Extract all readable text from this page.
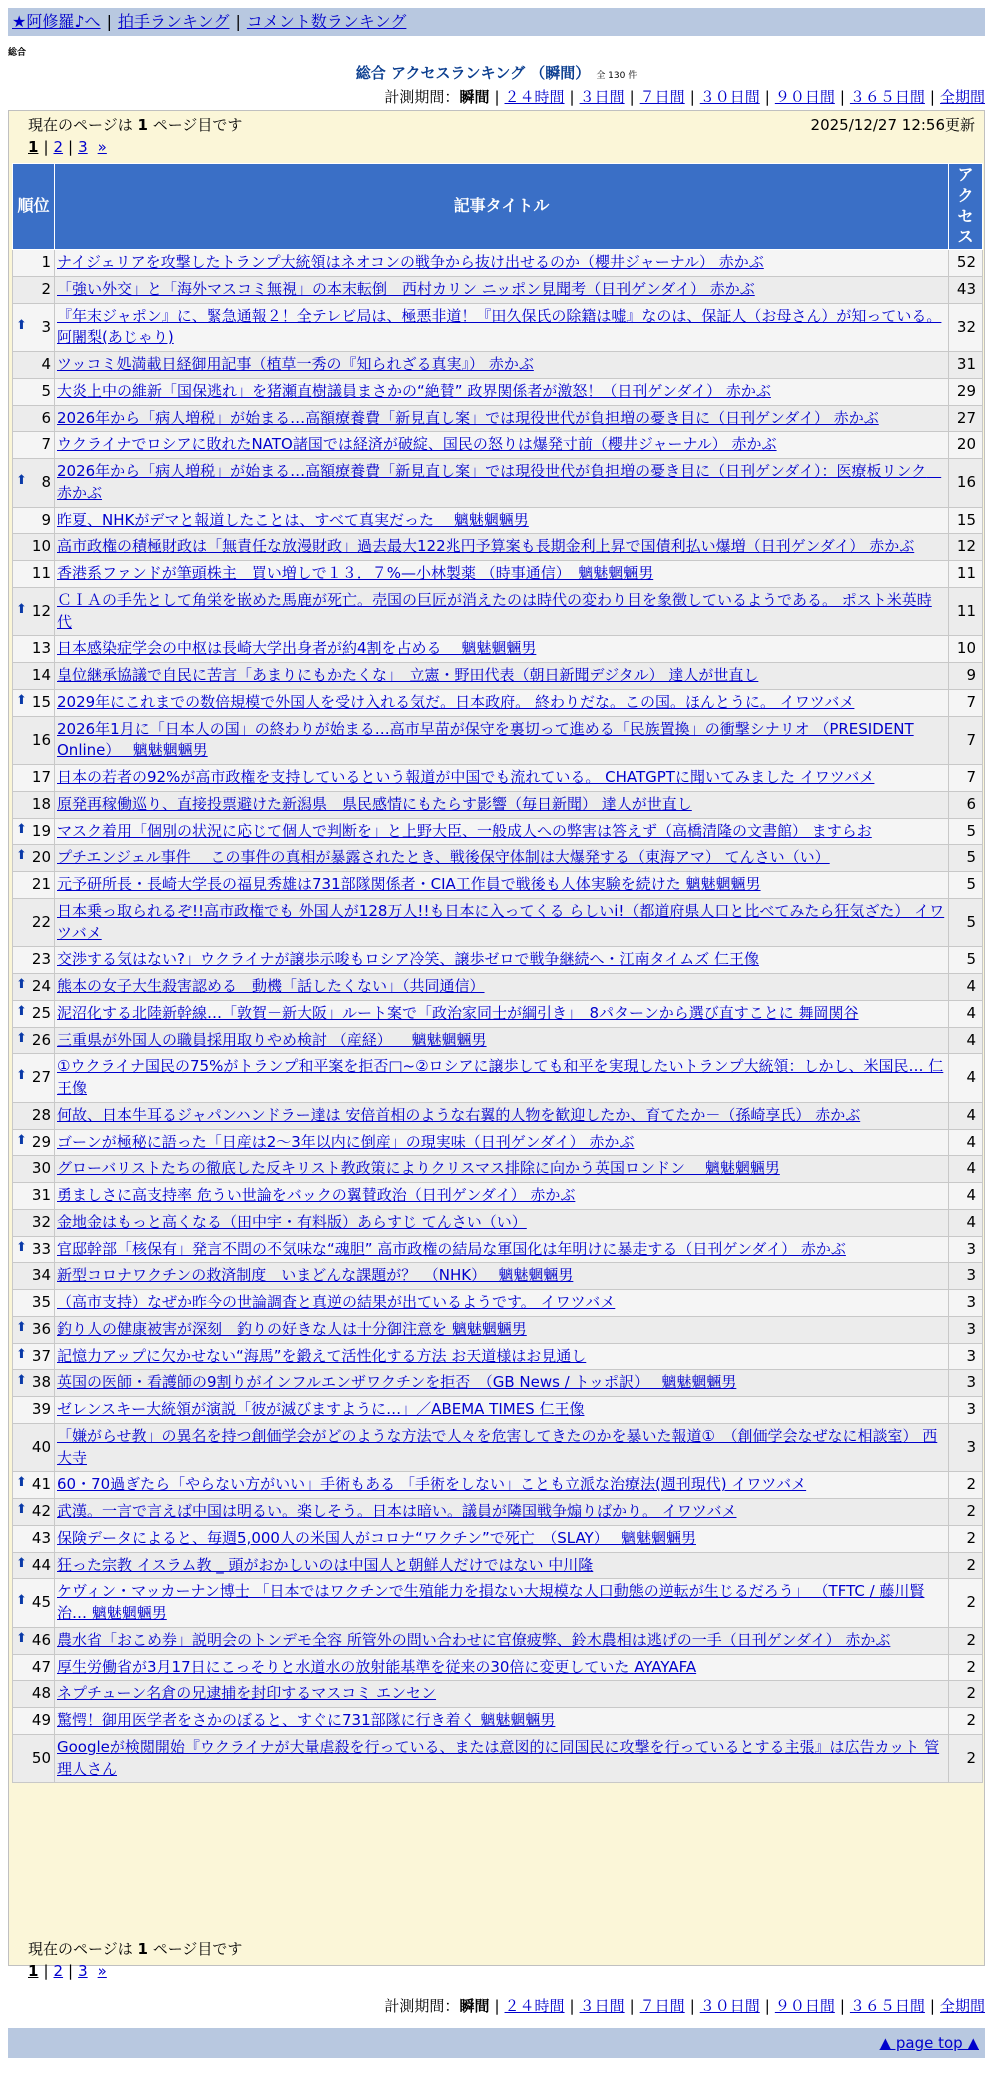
★阿修羅♪へ | 拍手ランキング | コメント数ランキング
総合
総合 アクセスランキング （瞬間） 全 130 件
計測期間：瞬間 | ２４時間 | ３日間 | ７日間 | ３０日間 | ９０日間 | ３６５日間 | 全期間
現在のページは 1 ページ目です	2025/12/27 12:56更新
1 | 2 | 3 »
順位	記事タイトル	アクセス
1	ナイジェリアを攻撃したトランプ大統領はネオコンの戦争から抜け出せるのか（櫻井ジャーナル） 赤かぶ	52
2	「強い外交」と「海外マスコミ無視」の本末転倒　西村カリン ニッポン見聞考（日刊ゲンダイ） 赤かぶ	43

⬆ 3	『年末ジャポン』に、緊急通報２！全テレビ局は、極悪非道！『田久保氏の除籍は嘘』なのは、保証人（お母さん）が知っている。 阿闍梨(あじゃり)	32
4	ツッコミ処満載日経御用記事（植草一秀の『知られざる真実』） 赤かぶ	31
5	大炎上中の維新「国保逃れ」を猪瀬直樹議員まさかの“絶賛” 政界関係者が激怒！（日刊ゲンダイ） 赤かぶ	29
6	2026年から「病人増税」が始まる…高額療養費「新見直し案」では現役世代が負担増の憂き目に（日刊ゲンダイ） 赤かぶ	27
7	ウクライナでロシアに敗れたNATO諸国では経済が破綻、国民の怒りは爆発寸前（櫻井ジャーナル） 赤かぶ	20

⬆ 8	2026年から「病人増税」が始まる…高額療養費「新見直し案」では現役世代が負担増の憂き目に（日刊ゲンダイ）：医療板リンク　赤かぶ	16
9	昨夏、NHKがデマと報道したことは、すべて真実だった　 魑魅魍魎男	15
10	高市政権の積極財政は「無責任な放漫財政」過去最大122兆円予算案も長期金利上昇で国債利払い爆増（日刊ゲンダイ） 赤かぶ	12
11	香港系ファンドが筆頭株主　買い増しで１３．７%—小林製薬 （時事通信）　魑魅魍魎男	11

⬆ 12	ＣＩＡの手先として角栄を嵌めた馬鹿が死亡。売国の巨匠が消えたのは時代の変わり目を象徴しているようである。 ポスト米英時代	11
13	日本感染症学会の中枢は長崎大学出身者が約4割を占める　 魑魅魍魎男	10
14	皇位継承協議で自民に苦言「あまりにもかたくな」　立憲・野田代表（朝日新聞デジタル） 達人が世直し	9

⬆ 15	2029年にこれまでの数倍規模で外国人を受け入れる気だ。日本政府。 終わりだな。この国。ほんとうに。 イワツバメ	7
16	2026年1月に「日本人の国」の終わりが始まる…高市早苗が保守を裏切って進める「民族置換」の衝撃シナリオ （PRESIDENT Online）　 魑魅魍魎男	7
17	日本の若者の92%が高市政権を支持しているという報道が中国でも流れている。 CHATGPTに聞いてみました イワツバメ	7
18	原発再稼働巡り、直接投票避けた新潟県　県民感情にもたらす影響（毎日新聞） 達人が世直し	6

⬆ 19	マスク着用「個別の状況に応じて個人で判断を」と上野大臣、一般成人への弊害は答えず（高橋清隆の文書館） ますらお	5

⬆ 20	プチエンジェル事件　 この事件の真相が暴露されたとき、戦後保守体制は大爆発する（東海アマ） てんさい（い）	5
21	元予研所長・長崎大学長の福見秀雄は731部隊関係者・CIA工作員で戦後も人体実験を続けた 魑魅魍魎男	5
22	日本乗っ取られるぞ!!高市政権でも 外国人が128万人!!も日本に入ってくる らしいi!（都道府県人口と比べてみたら狂気ざた） イワツバメ	5
23	交渉する気はない?」ウクライナが譲歩示唆もロシア冷笑、譲歩ゼロで戦争継続へ・江南タイムズ 仁王像	5

⬆ 24	熊本の女子大生殺害認める　動機「話したくない」（共同通信）	4

⬆ 25	泥沼化する北陸新幹線…「敦賀－新大阪」ルート案で「政治家同士が綱引き」　8パターンから選び直すことに 舞岡関谷	4

⬆ 26	三重県が外国人の職員採用取りやめ検討 （産経） 　魑魅魍魎男	4

⬆ 27	①ウクライナ国民の75%がトランプ和平案を拒否□~②ロシアに譲歩しても和平を実現したいトランプ大統領：しかし、米国民… 仁王像	4
28	何故、日本牛耳るジャパンハンドラー達は 安倍首相のような右翼的人物を歓迎したか、育てたか－（孫崎享氏） 赤かぶ	4

⬆ 29	ゴーンが極秘に語った「日産は2～3年以内に倒産」の現実味（日刊ゲンダイ） 赤かぶ	4
30	グローバリストたちの徹底した反キリスト教政策によりクリスマス排除に向かう英国ロンドン　 魑魅魍魎男	4
31	勇ましさに高支持率 危うい世論をバックの翼賛政治（日刊ゲンダイ） 赤かぶ	4
32	金地金はもっと高くなる（田中宇・有料版）あらすじ てんさい（い）	4

⬆ 33	官邸幹部「核保有」発言不問の不気味な“魂胆” 高市政権の結局な軍国化は年明けに暴走する（日刊ゲンダイ） 赤かぶ	3
34	新型コロナワクチンの救済制度　いまどんな課題が？　（NHK）　 魑魅魍魎男	3
35	（高市支持）なぜか昨今の世論調査と真逆の結果が出ているようです。 イワツバメ	3

⬆ 36	釣り人の健康被害が深刻　釣りの好きな人は十分御注意を 魑魅魍魎男	3

⬆ 37	記憶力アップに欠かせない“海馬”を鍛えて活性化する方法 お天道様はお見通し	3

⬆ 38	英国の医師・看護師の9割りがインフルエンザワクチンを拒否　（GB News / トッポ訳）　 魑魅魍魎男	3
39	ゼレンスキー大統領が演説「彼が滅びますように…」／ABEMA TIMES 仁王像	3
40	「嫌がらせ教」の異名を持つ創価学会がどのような方法で人々を危害してきたのかを暴いた報道①　（創価学会なぜなに相談室） 西大寺	3

⬆ 41	60・70過ぎたら「やらない方がいい」手術もある 「手術をしない」ことも立派な治療法(週刊現代) イワツバメ	2

⬆ 42	武漢。一言で言えば中国は明るい。楽しそう。日本は暗い。議員が隣国戦争煽りばかり。 イワツバメ	2
43	保険データによると、毎週5,000人の米国人がコロナ“ワクチン”で死亡　（SLAY）　 魑魅魍魎男	2

⬆ 44	狂った宗教 イスラム教 _ 頭がおかしいのは中国人と朝鮮人だけではない 中川隆	2

⬆ 45	ケヴィン・マッカーナン博士 「日本ではワクチンで生殖能力を損ない大規模な人口動態の逆転が生じるだろう」 （TFTC / 藤川賢治… 魑魅魍魎男	2

⬆ 46	農水省「おこめ券」説明会のトンデモ全容 所管外の問い合わせに官僚疲弊、鈴木農相は逃げの一手（日刊ゲンダイ） 赤かぶ	2
47	厚生労働省が3月17日にこっそりと水道水の放射能基準を従来の30倍に変更していた AYAYAFA	2
48	ネプチューン名倉の兄逮捕を封印するマスコミ エンセン	2
49	驚愕！御用医学者をさかのぼると、すぐに731部隊に行き着く 魑魅魍魎男	2
50	Googleが検閲開始『ウクライナが大量虐殺を行っている、または意図的に同国民に攻撃を行っているとする主張』は広告カット 管理人さん	2
現在のページは 1 ページ目です
1 | 2 | 3 »
計測期間：瞬間 | ２４時間 | ３日間 | ７日間 | ３０日間 | ９０日間 | ３６５日間 | 全期間
▲ page top ▲
